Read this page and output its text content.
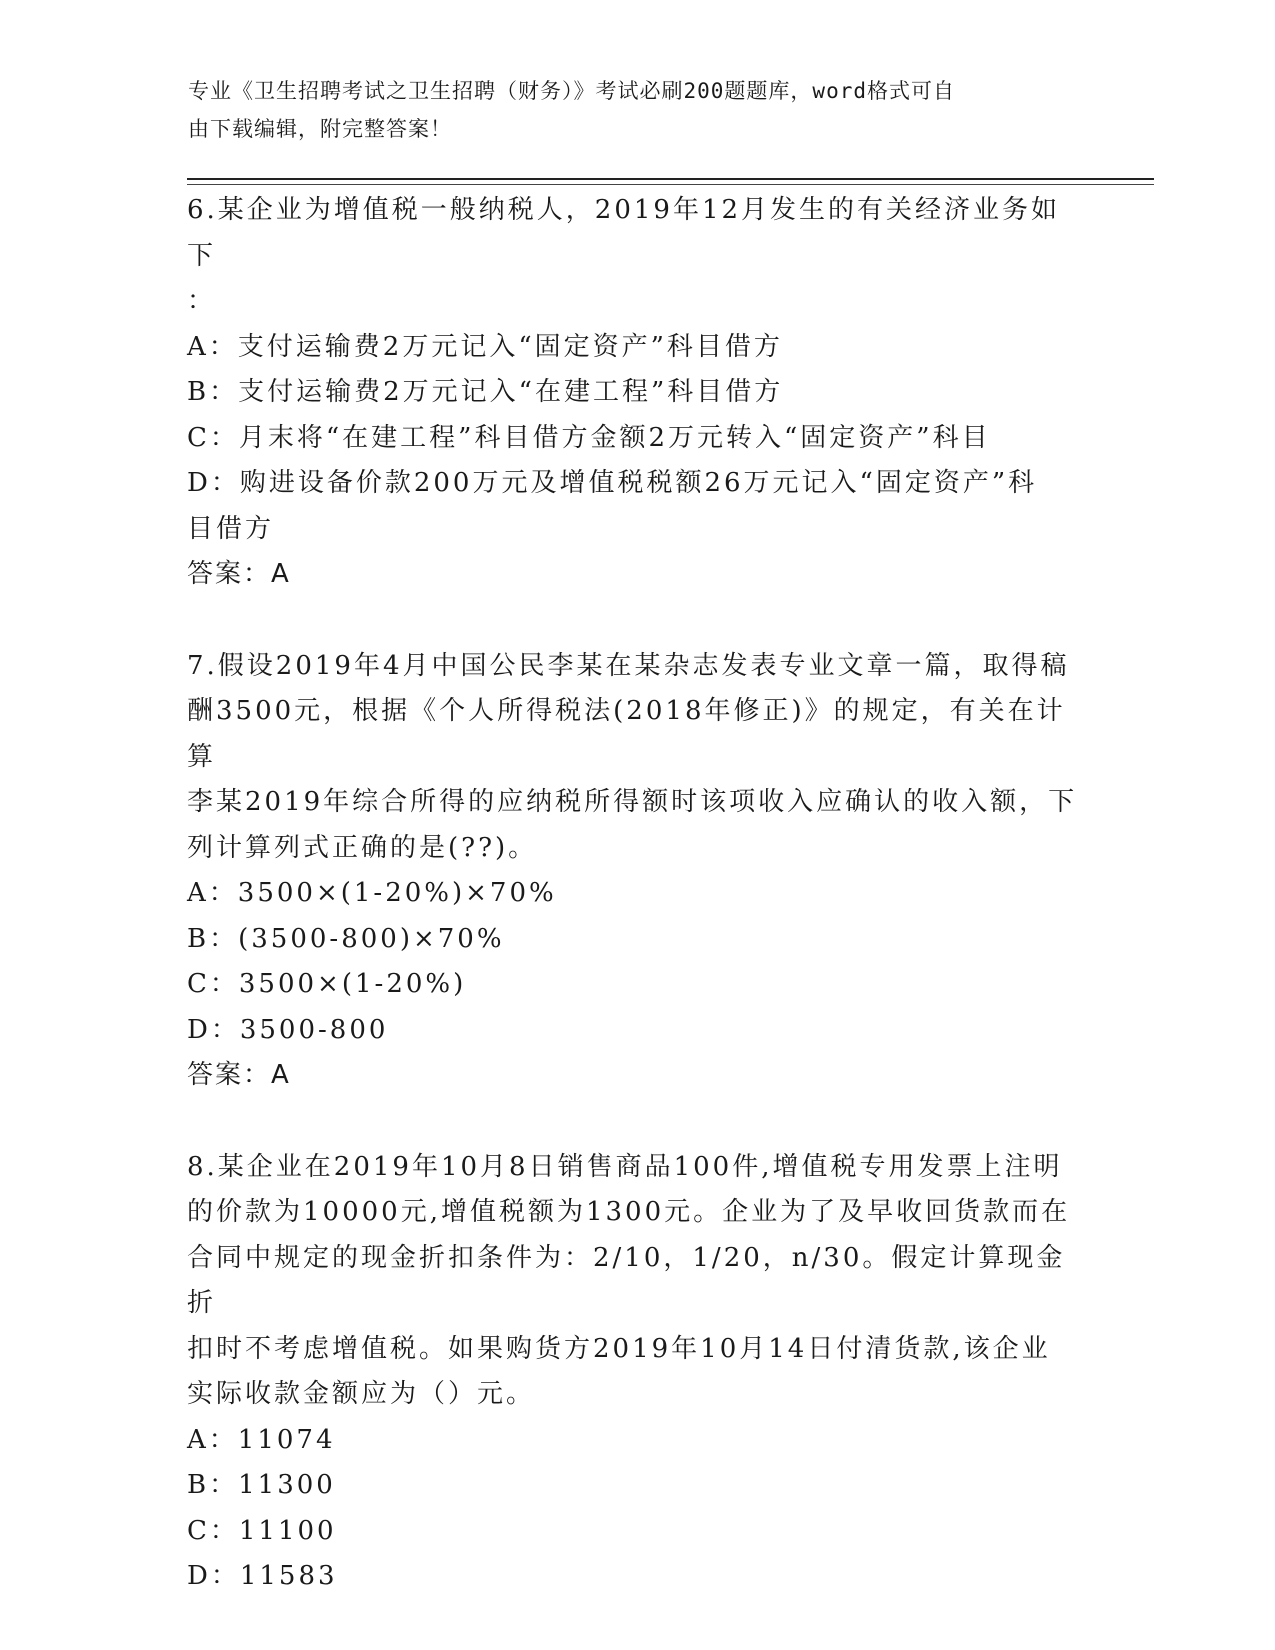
专业《卫生招聘考试之卫生招聘（财务）》考试必刷200题题库，word格式可自
由下载编辑，附完整答案！
6.某企业为增值税一般纳税人，2019年12月发生的有关经济业务如下
：
A：支付运输费2万元记入“固定资产”科目借方
B：支付运输费2万元记入“在建工程”科目借方
C：月末将“在建工程”科目借方金额2万元转入“固定资产”科目
D：购进设备价款200万元及增值税税额26万元记入“固定资产”科
目借方
答案：A
7.假设2019年4月中国公民李某在某杂志发表专业文章一篇，取得稿
酬3500元，根据《个人所得税法(2018年修正)》的规定，有关在计算
李某2019年综合所得的应纳税所得额时该项收入应确认的收入额，下
列计算列式正确的是(??)。
A：3500×(1-20%)×70%
B：(3500-800)×70%
C：3500×(1-20%)
D：3500-800
答案：A
8.某企业在2019年10月8日销售商品100件,增值税专用发票上注明
的价款为10000元,增值税额为1300元。企业为了及早收回货款而在
合同中规定的现金折扣条件为：2/10，1/20，n/30。假定计算现金折
扣时不考虑增值税。如果购货方2019年10月14日付清货款,该企业
实际收款金额应为（）元。
A：11074
B：11300
C：11100
D：11583
